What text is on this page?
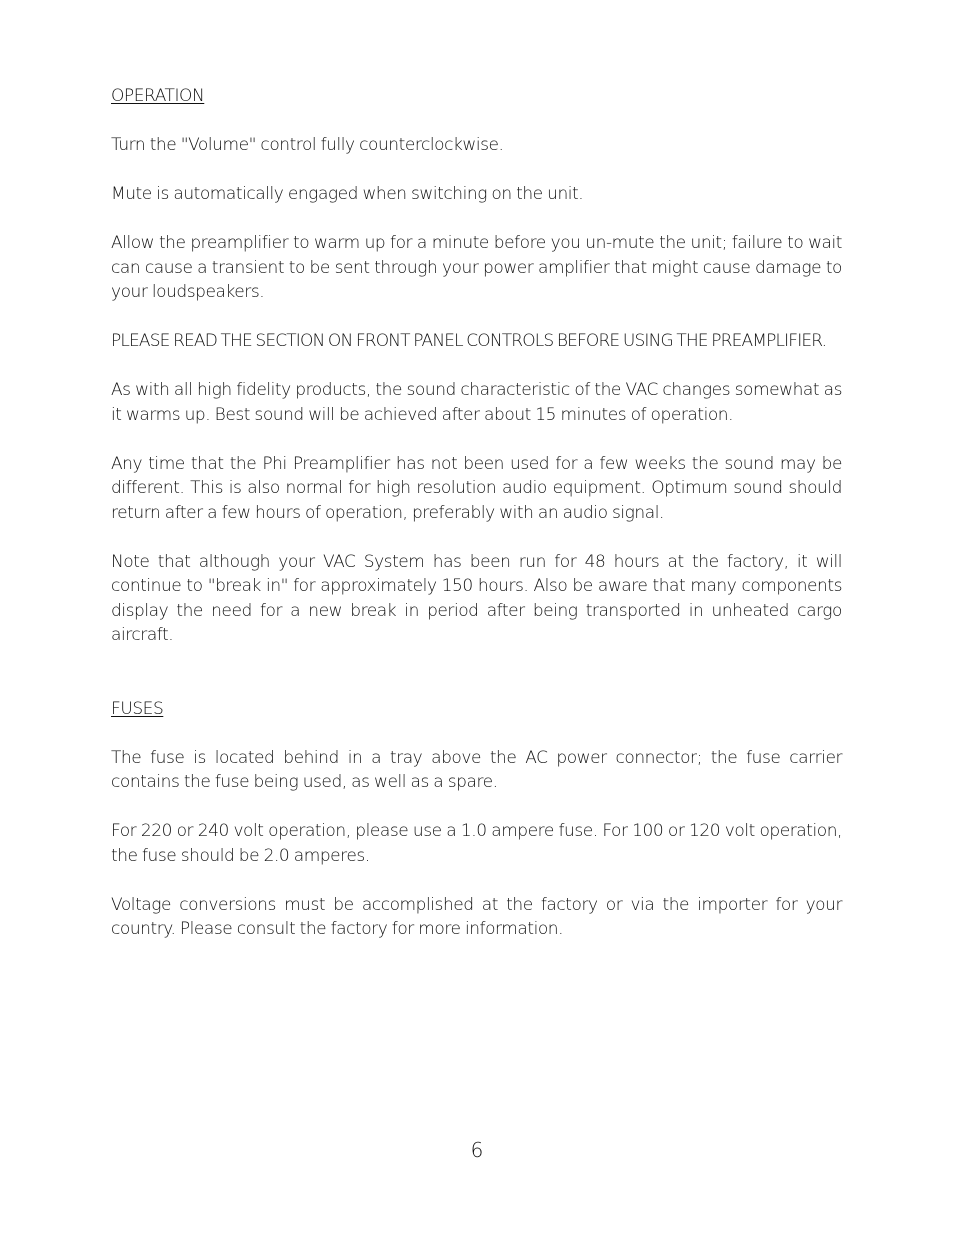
OPERATION

Turn the "Volume" control fully counterclockwise.

Mute is automatically engaged when switching on the unit.

Allow the preamplifier to warm up for a minute before you un-mute the unit; failure to wait can cause a transient to be sent through your power amplifier that might cause damage to your loudspeakers.

PLEASE READ THE SECTION ON FRONT PANEL CONTROLS BEFORE USING THE PREAMPLIFIER.

As with all high fidelity products, the sound characteristic of the VAC changes somewhat as it warms up. Best sound will be achieved after about 15 minutes of operation.

Any time that the Phi Preamplifier has not been used for a few weeks the sound may be different. This is also normal for high resolution audio equipment. Optimum sound should return after a few hours of operation, preferably with an audio signal.

Note that although your VAC System has been run for 48 hours at the factory, it will continue to "break in" for approximately 150 hours. Also be aware that many components display the need for a new break in period after being transported in unheated cargo aircraft.

FUSES

The fuse is located behind in a tray above the AC power connector; the fuse carrier contains the fuse being used, as well as a spare.

For 220 or 240 volt operation, please use a 1.0 ampere fuse. For 100 or 120 volt operation, the fuse should be 2.0 amperes.

Voltage conversions must be accomplished at the factory or via the importer for your country. Please consult the factory for more information.

6
